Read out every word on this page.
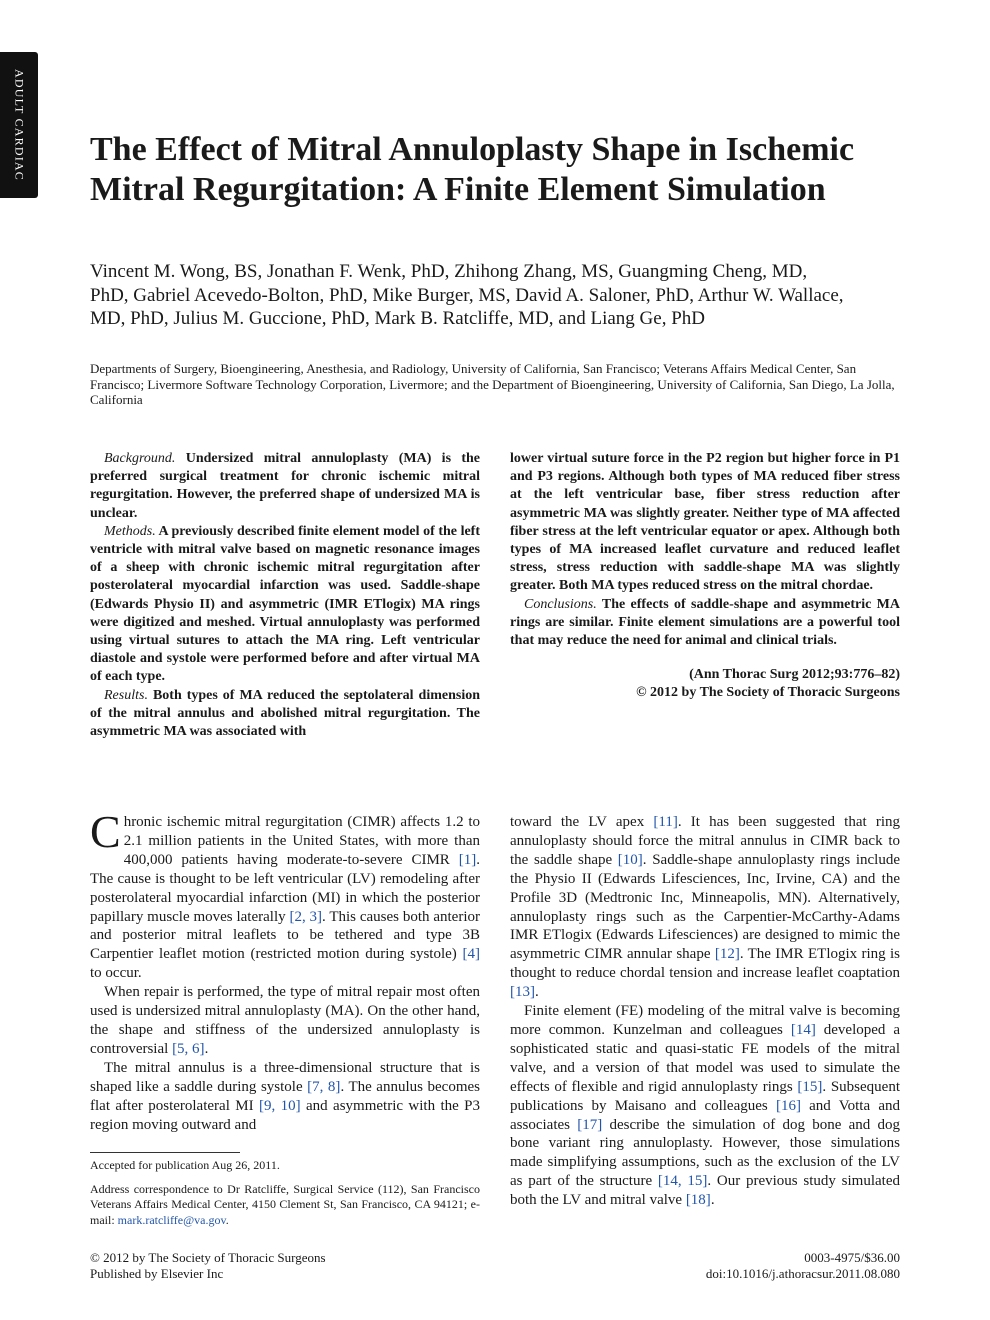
ADULT CARDIAC The Effect of Mitral Annuloplasty Shape in Ischemic Mitral Regurgitation: A Finite Element Simulation
Vincent M. Wong, BS, Jonathan F. Wenk, PhD, Zhihong Zhang, MS, Guangming Cheng, MD, PhD, Gabriel Acevedo-Bolton, PhD, Mike Burger, MS, David A. Saloner, PhD, Arthur W. Wallace, MD, PhD, Julius M. Guccione, PhD, Mark B. Ratcliffe, MD, and Liang Ge, PhD
Departments of Surgery, Bioengineering, Anesthesia, and Radiology, University of California, San Francisco; Veterans Affairs Medical Center, San Francisco; Livermore Software Technology Corporation, Livermore; and the Department of Bioengineering, University of California, San Diego, La Jolla, California

Background. Undersized mitral annuloplasty (MA) is the preferred surgical treatment for chronic ischemic mitral regurgitation. However, the preferred shape of undersized MA is unclear.

Methods. A previously described finite element model of the left ventricle with mitral valve based on magnetic resonance images of a sheep with chronic ischemic mitral regurgitation after posterolateral myocardial infarction was used. Saddle-shape (Edwards Physio II) and asymmetric (IMR ETlogix) MA rings were digitized and meshed. Virtual annuloplasty was performed using virtual sutures to attach the MA ring. Left ventricular diastole and systole were performed before and after virtual MA of each type.

Results. Both types of MA reduced the septolateral dimension of the mitral annulus and abolished mitral regurgitation. The asymmetric MA was associated with

lower virtual suture force in the P2 region but higher force in P1 and P3 regions. Although both types of MA reduced fiber stress at the left ventricular base, fiber stress reduction after asymmetric MA was slightly greater. Neither type of MA affected fiber stress at the left ventricular equator or apex. Although both types of MA increased leaflet curvature and reduced leaflet stress, stress reduction with saddle-shape MA was slightly greater. Both MA types reduced stress on the mitral chordae.

Conclusions. The effects of saddle-shape and asymmetric MA rings are similar. Finite element simulations are a powerful tool that may reduce the need for animal and clinical trials.

(Ann Thorac Surg 2012;93:776–82)

© 2012 by The Society of Thoracic Surgeons

Chronic ischemic mitral regurgitation (CIMR) affects 1.2 to 2.1 million patients in the United States, with more than 400,000 patients having moderate-to-severe CIMR [1]. The cause is thought to be left ventricular (LV) remodeling after posterolateral myocardial infarction (MI) in which the posterior papillary muscle moves laterally [2, 3]. This causes both anterior and posterior mitral leaflets to be tethered and type 3B Carpentier leaflet motion (restricted motion during systole) [4] to occur.

When repair is performed, the type of mitral repair most often used is undersized mitral annuloplasty (MA). On the other hand, the shape and stiffness of the undersized annuloplasty is controversial [5, 6].

The mitral annulus is a three-dimensional structure that is shaped like a saddle during systole [7, 8]. The annulus becomes flat after posterolateral MI [9, 10] and asymmetric with the P3 region moving outward and

toward the LV apex [11]. It has been suggested that ring annuloplasty should force the mitral annulus in CIMR back to the saddle shape [10]. Saddle-shape annuloplasty rings include the Physio II (Edwards Lifesciences, Inc, Irvine, CA) and the Profile 3D (Medtronic Inc, Minneapolis, MN). Alternatively, annuloplasty rings such as the Carpentier-McCarthy-Adams IMR ETlogix (Edwards Lifesciences) are designed to mimic the asymmetric CIMR annular shape [12]. The IMR ETlogix ring is thought to reduce chordal tension and increase leaflet coaptation [13].

Finite element (FE) modeling of the mitral valve is becoming more common. Kunzelman and colleagues [14] developed a sophisticated static and quasi-static FE models of the mitral valve, and a version of that model was used to simulate the effects of flexible and rigid annuloplasty rings [15]. Subsequent publications by Maisano and colleagues [16] and Votta and associates [17] describe the simulation of dog bone and dog bone variant ring annuloplasty. However, those simulations made simplifying assumptions, such as the exclusion of the LV as part of the structure [14, 15]. Our previous study simulated both the LV and mitral valve [18].

Accepted for publication Aug 26, 2011.

Address correspondence to Dr Ratcliffe, Surgical Service (112), San Francisco Veterans Affairs Medical Center, 4150 Clement St, San Francisco, CA 94121; e-mail: mark.ratcliffe@va.gov.

© 2012 by The Society of Thoracic Surgeons
Published by Elsevier Inc
0003-4975/$36.00
doi:10.1016/j.athoracsur.2011.08.080
